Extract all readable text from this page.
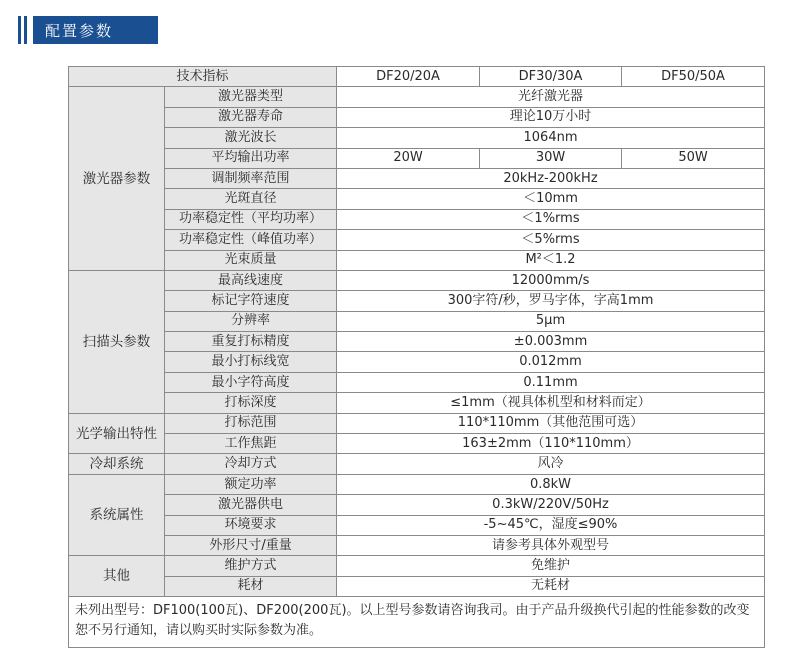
配置参数
技术指标		DF20/20A	DF30/30A	DF50/50A
激光器参数	激光器类型	光纤激光器		
	激光器寿命	理论10万小时		
	激光波长	1064nm		
	平均输出功率	20W	30W	50W
	调制频率范围	20kHz-200kHz		
	光斑直径	＜10mm		
	功率稳定性（平均功率）	＜1%rms		
	功率稳定性（峰值功率）	＜5%rms		
	光束质量	M²＜1.2		
扫描头参数	最高线速度	12000mm/s		
	标记字符速度	300字符/秒，罗马字体，字高1mm		
	分辨率	5μm		
	重复打标精度	±0.003mm		
	最小打标线宽	0.012mm		
	最小字符高度	0.11mm		
	打标深度	≤1mm（视具体机型和材料而定）		
光学输出特性	打标范围	110*110mm（其他范围可选）		
	工作焦距	163±2mm（110*110mm）		
冷却系统	冷却方式	风冷		
系统属性	额定功率	0.8kW		
	激光器供电	0.3kW/220V/50Hz		
	环境要求	-5~45℃，湿度≤90%		
	外形尺寸/重量	请参考具体外观型号		
其他	维护方式	免维护		
	耗材	无耗材		
未列出型号：DF100(100瓦)、DF200(200瓦)。以上型号参数请咨询我司。由于产品升级换代引起的性能参数的改变恕不另行通知，请以购买时实际参数为准。				
